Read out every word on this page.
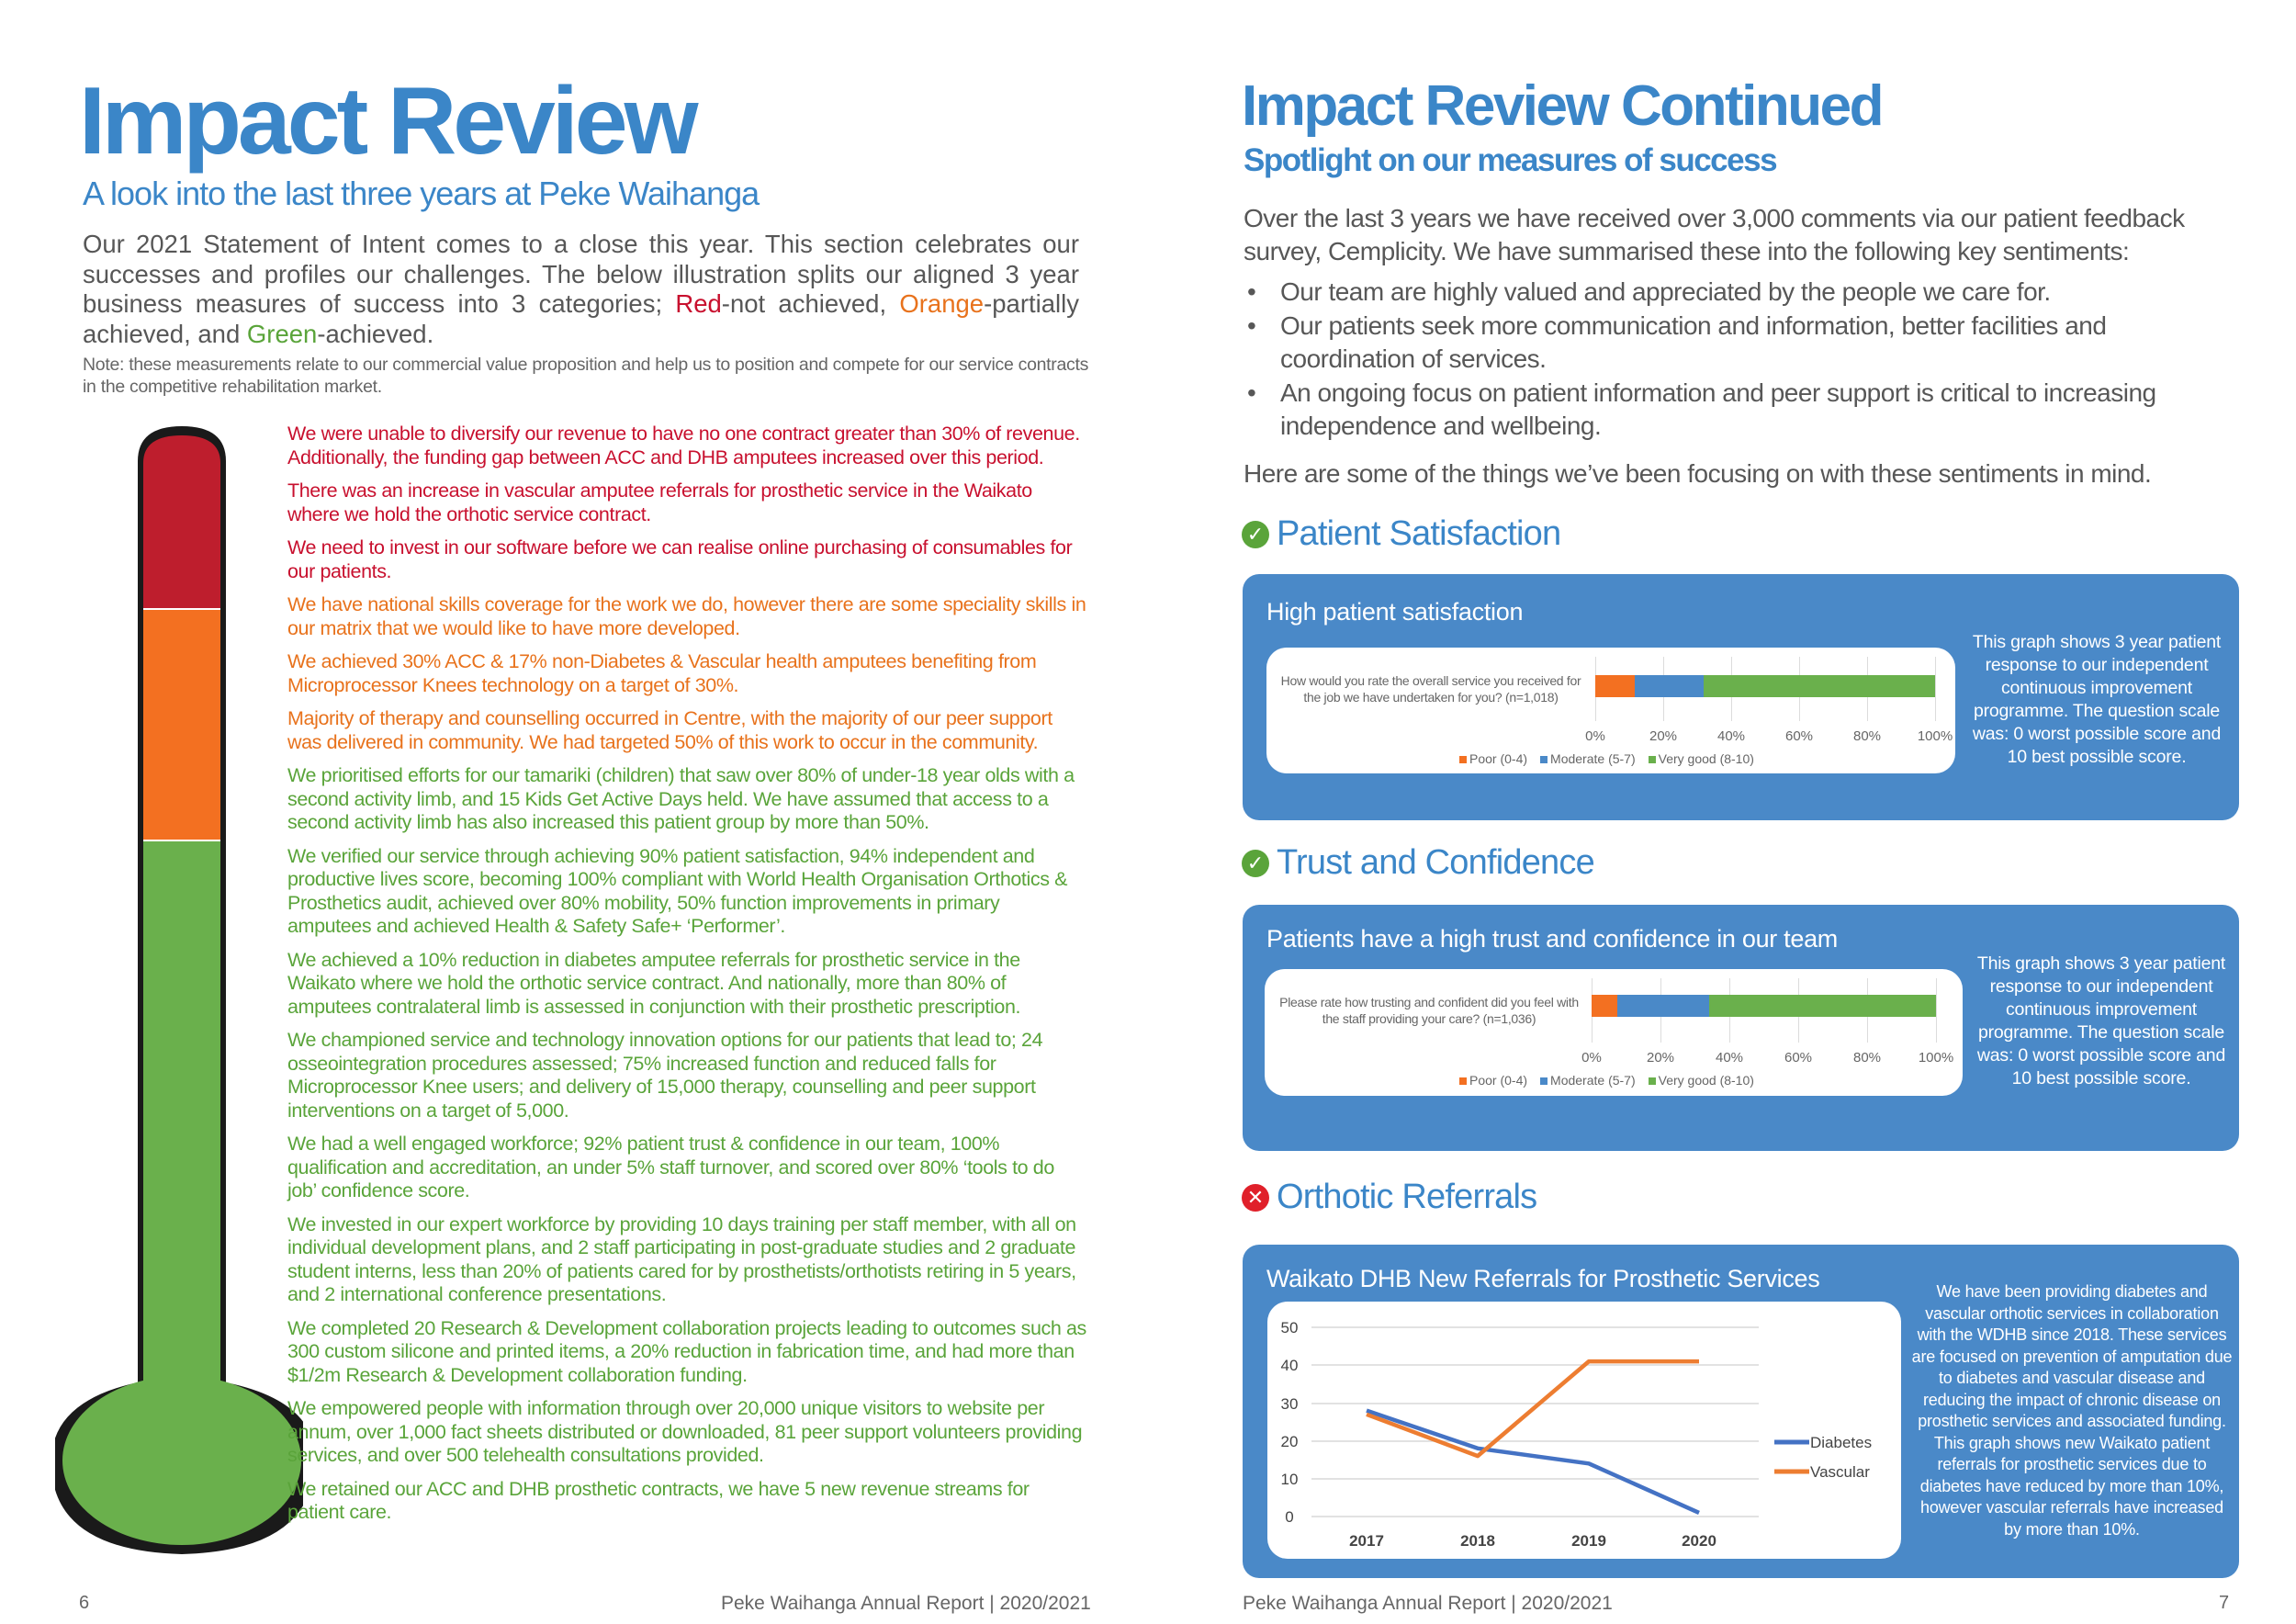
Impact Review
A look into the last three years at Peke Waihanga

Our 2021 Statement of Intent comes to a close this year. This section celebrates our successes and profiles our challenges. The below illustration splits our aligned 3 year business measures of success into 3 categories; Red-not achieved, Orange-partially achieved, and Green-achieved.

Note: these measurements relate to our commercial value proposition and help us to position and compete for our service contracts in the competitive rehabilitation market.

We were unable to diversify our revenue to have no one contract greater than 30% of revenue. Additionally, the funding gap between ACC and DHB amputees increased over this period.

There was an increase in vascular amputee referrals for prosthetic service in the Waikato where we hold the orthotic service contract.

We need to invest in our software before we can realise online purchasing of consumables for our patients.

We have national skills coverage for the work we do, however there are some speciality skills in our matrix that we would like to have more developed.

We achieved 30% ACC & 17% non-Diabetes & Vascular health amputees benefiting from Microprocessor Knees technology on a target of 30%.

Majority of therapy and counselling occurred in Centre, with the majority of our peer support was delivered in community. We had targeted 50% of this work to occur in the community.

We prioritised efforts for our tamariki (children) that saw over 80% of under-18 year olds with a second activity limb, and 15 Kids Get Active Days held. We have assumed that access to a second activity limb has also increased this patient group by more than 50%.

We verified our service through achieving 90% patient satisfaction, 94% independent and productive lives score, becoming 100% compliant with World Health Organisation Orthotics & Prosthetics audit, achieved over 80% mobility, 50% function improvements in primary amputees and achieved Health & Safety Safe+ ‘Performer’.

We achieved a 10% reduction in diabetes amputee referrals for prosthetic service in the Waikato where we hold the orthotic service contract. And nationally, more than 80% of amputees contralateral limb is assessed in conjunction with their prosthetic prescription.

We championed service and technology innovation options for our patients that lead to; 24 osseointegration procedures assessed; 75% increased function and reduced falls for Microprocessor Knee users; and delivery of 15,000 therapy, counselling and peer support interventions on a target of 5,000.

We had a well engaged workforce; 92% patient trust & confidence in our team, 100% qualification and accreditation, an under 5% staff turnover, and scored over 80% ‘tools to do job’ confidence score.

We invested in our expert workforce by providing 10 days training per staff member, with all on individual development plans, and 2 staff participating in post-graduate studies and 2 graduate student interns, less than 20% of patients cared for by prosthetists/orthotists retiring in 5 years, and 2 international conference presentations.

We completed 20 Research & Development collaboration projects leading to outcomes such as 300 custom silicone and printed items, a 20% reduction in fabrication time, and had more than $1/2m Research & Development collaboration funding.

We empowered people with information through over 20,000 unique visitors to website per annum, over 1,000 fact sheets distributed or downloaded, 81 peer support volunteers providing services, and over 500 telehealth consultations provided.

We retained our ACC and DHB prosthetic contracts, we have 5 new revenue streams for patient care.

6	Peke Waihanga Annual Report | 2020/2021
Impact Review Continued
Spotlight on our measures of success

Over the last 3 years we have received over 3,000 comments via our patient feedback survey, Cemplicity. We have summarised these into the following key sentiments:

• Our team are highly valued and appreciated by the people we care for.
• Our patients seek more communication and information, better facilities and coordination of services.
• An ongoing focus on patient information and peer support is critical to increasing independence and wellbeing.

Here are some of the things we’ve been focusing on with these sentiments in mind.

✓ Patient Satisfaction
High patient satisfaction
How would you rate the overall service you received for the job we have undertaken for you? (n=1,018)
0%	20%	40%	60%	80%	100%
Poor (0-4)	Moderate (5-7)	Very good (8-10)
This graph shows 3 year patient response to our independent continuous improvement programme. The question scale was: 0 worst possible score and 10 best possible score.
✓ Trust and Confidence
Patients have a high trust and confidence in our team
Please rate how trusting and confident did you feel with the staff providing your care? (n=1,036)
0%	20%	40%	60%	80%	100%
Poor (0-4)	Moderate (5-7)	Very good (8-10)
This graph shows 3 year patient response to our independent continuous improvement programme. The question scale was: 0 worst possible score and 10 best possible score.
✕ Orthotic Referrals
Waikato DHB New Referrals for Prosthetic Services
50
40
30
20
10
0
2017	2018	2019	2020
Diabetes
Vascular
We have been providing diabetes and vascular orthotic services in collaboration with the WDHB since 2018. These services are focused on prevention of amputation due to diabetes and vascular disease and reducing the impact of chronic disease on prosthetic services and associated funding. This graph shows new Waikato patient referrals for prosthetic services due to diabetes have reduced by more than 10%, however vascular referrals have increased by more than 10%.
Peke Waihanga Annual Report | 2020/2021	7
